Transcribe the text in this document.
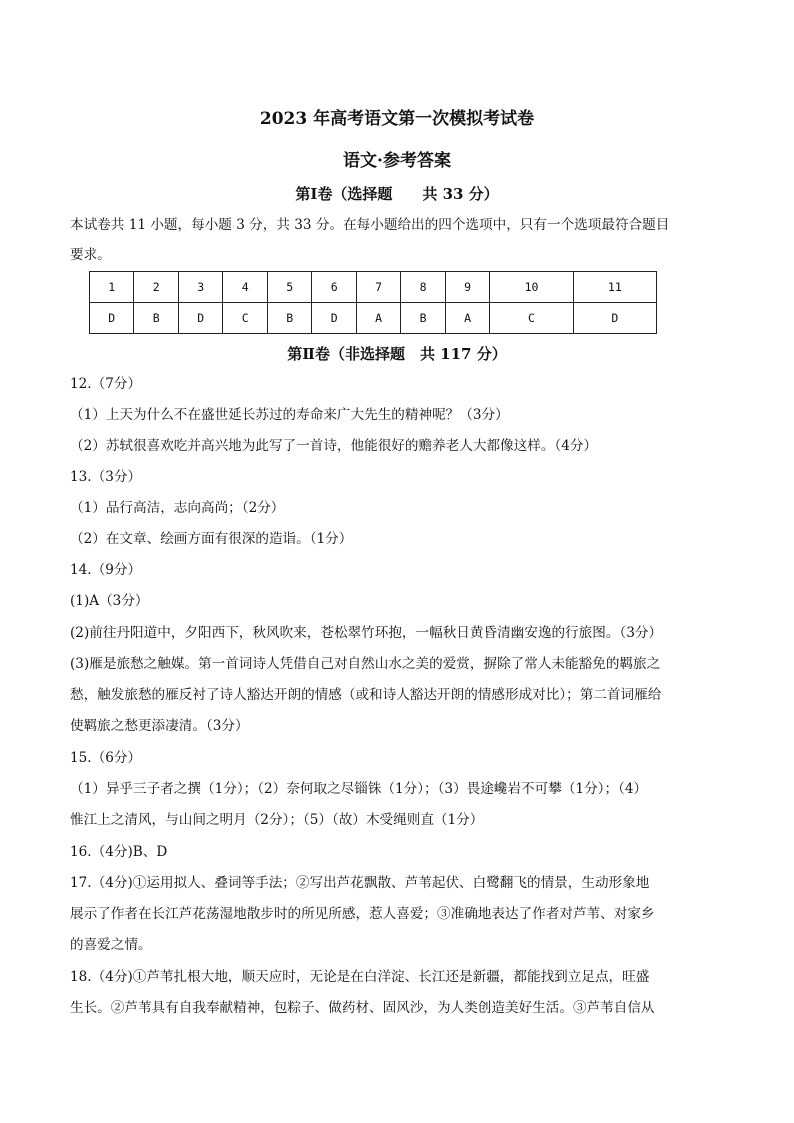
2023 年高考语文第一次模拟考试卷
语文·参考答案
第Ⅰ卷（选择题　　共 33 分）
本试卷共 11 小题，每小题 3 分，共 33 分。在每小题给出的四个选项中，只有一个选项最符合题目
要求。
1	2	3	4	5	6	7	8	9	10	11
D	B	D	C	B	D	A	B	A	C	D
第Ⅱ卷（非选择题　共 117 分）
12.（7分）
（1）上天为什么不在盛世延长苏过的寿命来广大先生的精神呢？（3分）
（2）苏轼很喜欢吃并高兴地为此写了一首诗，他能很好的赡养老人大都像这样。（4分）
13.（3分）
（1）品行高洁，志向高尚；（2分）
（2）在文章、绘画方面有很深的造诣。（1分）
14.（9分）
(1)A（3分）
(2)前往丹阳道中，夕阳西下，秋风吹来，苍松翠竹环抱，一幅秋日黄昏清幽安逸的行旅图。（3分）
(3)雁是旅愁之触媒。第一首词诗人凭借自己对自然山水之美的爱赏，摒除了常人未能豁免的羁旅之
愁，触发旅愁的雁反衬了诗人豁达开朗的情感（或和诗人豁达开朗的情感形成对比）；第二首词雁给
使羁旅之愁更添凄清。（3分）
15.（6分）
（1）异乎三子者之撰（1分）；（2）奈何取之尽锱铢（1分）；（3）畏途巉岩不可攀（1分）；（4）
惟江上之清风，与山间之明月（2分）；（5）（故）木受绳则直（1分）
16.（4分)B、D
17.（4分)①运用拟人、叠词等手法；②写出芦花飘散、芦苇起伏、白鹭翻飞的情景，生动形象地
展示了作者在长江芦花荡湿地散步时的所见所感，惹人喜爱；③准确地表达了作者对芦苇、对家乡
的喜爱之情。
18.（4分)①芦苇扎根大地，顺天应时，无论是在白洋淀、长江还是新疆，都能找到立足点，旺盛
生长。②芦苇具有自我奉献精神，包粽子、做药材、固风沙，为人类创造美好生活。③芦苇自信从
